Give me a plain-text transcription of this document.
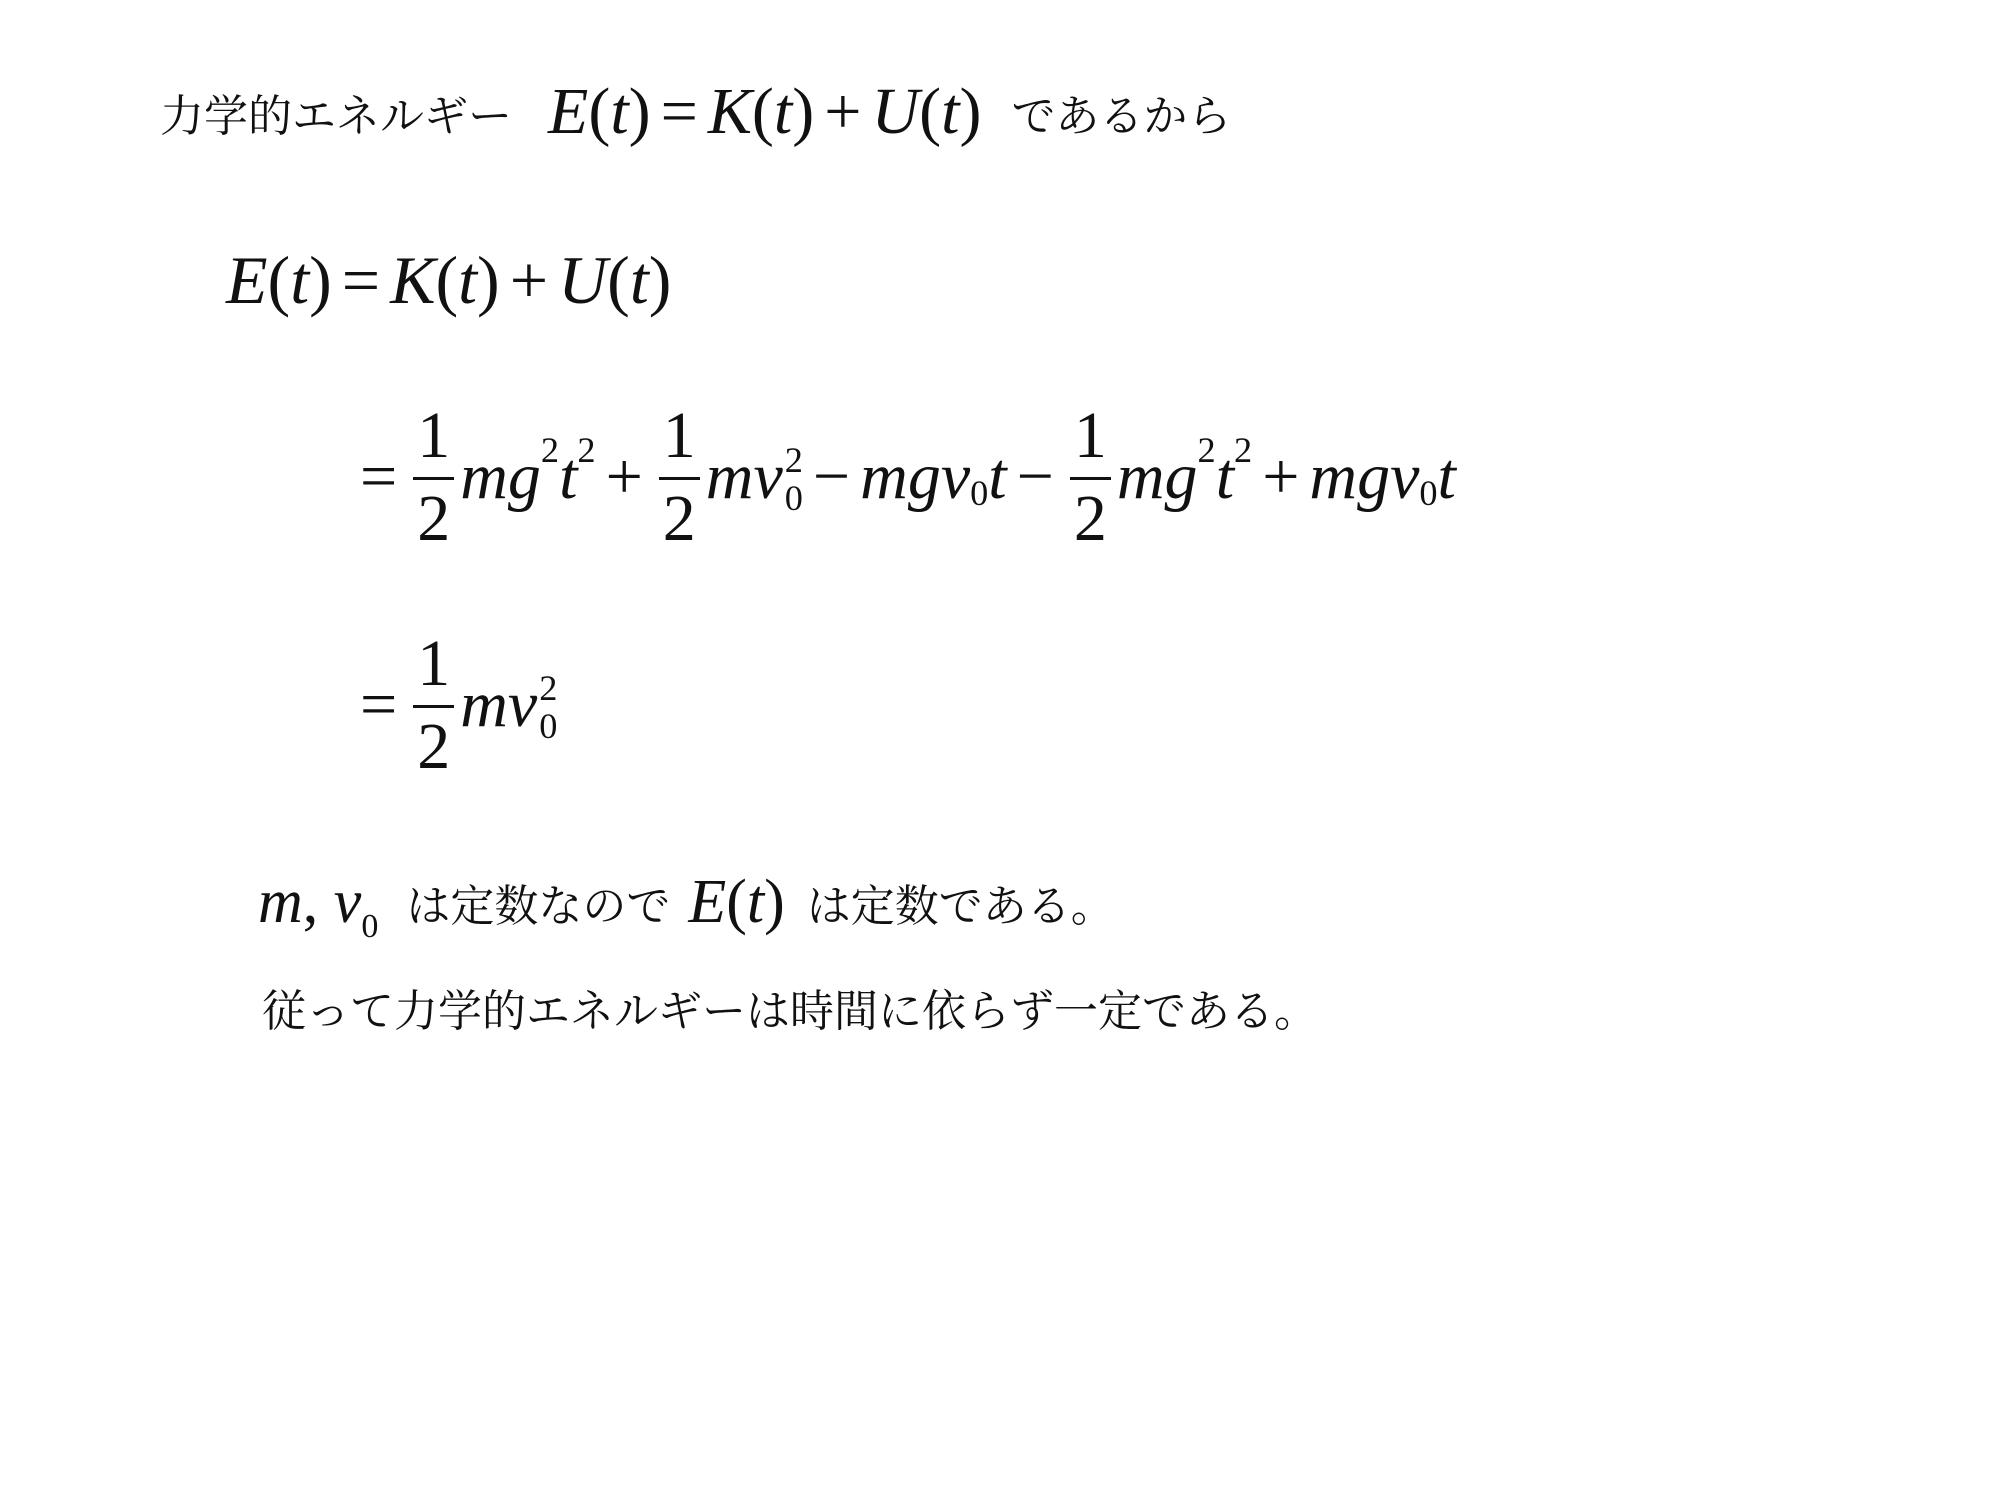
力学的エネルギー E(t) = K(t) + U(t) であるから
E(t) = K(t) + U(t)
= $\frac{1}{2}$ mg 2 t $2 + \frac{1}{2}$ mv 2
0 − mgv 0 $t - \frac{1}{2}$ mg 2 t 2 + mgv 0 t
= $\frac{1}{2}$ mv 2
0
m, $v_0$ は定数なので E(t) は定数である。
従って力学的エネルギーは時間に依らず一定である。
